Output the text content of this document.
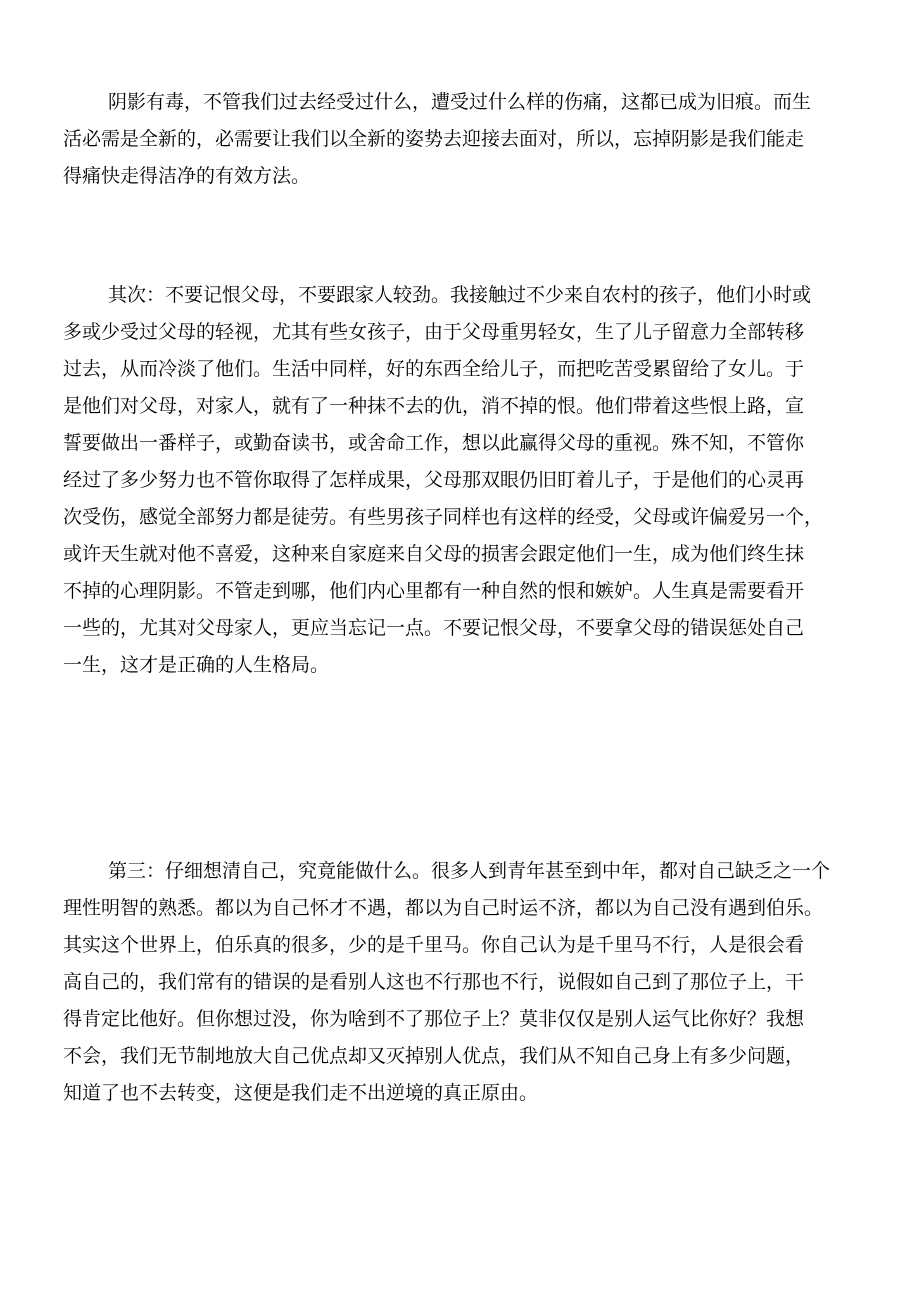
阴影有毒，不管我们过去经受过什么，遭受过什么样的伤痛，这都已成为旧痕。而生
活必需是全新的，必需要让我们以全新的姿势去迎接去面对，所以，忘掉阴影是我们能走
得痛快走得洁净的有效方法。
其次：不要记恨父母，不要跟家人较劲。我接触过不少来自农村的孩子，他们小时或
多或少受过父母的轻视，尤其有些女孩子，由于父母重男轻女，生了儿子留意力全部转移
过去，从而冷淡了他们。生活中同样，好的东西全给儿子，而把吃苦受累留给了女儿。于
是他们对父母，对家人，就有了一种抹不去的仇，消不掉的恨。他们带着这些恨上路，宣
誓要做出一番样子，或勤奋读书，或舍命工作，想以此赢得父母的重视。殊不知，不管你
经过了多少努力也不管你取得了怎样成果，父母那双眼仍旧盯着儿子，于是他们的心灵再
次受伤，感觉全部努力都是徒劳。有些男孩子同样也有这样的经受，父母或许偏爱另一个，
或许天生就对他不喜爱，这种来自家庭来自父母的损害会跟定他们一生，成为他们终生抹
不掉的心理阴影。不管走到哪，他们内心里都有一种自然的恨和嫉妒。人生真是需要看开
一些的，尤其对父母家人，更应当忘记一点。不要记恨父母，不要拿父母的错误惩处自己
一生，这才是正确的人生格局。
第三：仔细想清自己，究竟能做什么。很多人到青年甚至到中年，都对自己缺乏之一个
理性明智的熟悉。都以为自己怀才不遇，都以为自己时运不济，都以为自己没有遇到伯乐。
其实这个世界上，伯乐真的很多，少的是千里马。你自己认为是千里马不行，人是很会看
高自己的，我们常有的错误的是看别人这也不行那也不行，说假如自己到了那位子上，干
得肯定比他好。但你想过没，你为啥到不了那位子上？莫非仅仅是别人运气比你好？我想
不会，我们无节制地放大自己优点却又灭掉别人优点，我们从不知自己身上有多少问题，
知道了也不去转变，这便是我们走不出逆境的真正原由。
